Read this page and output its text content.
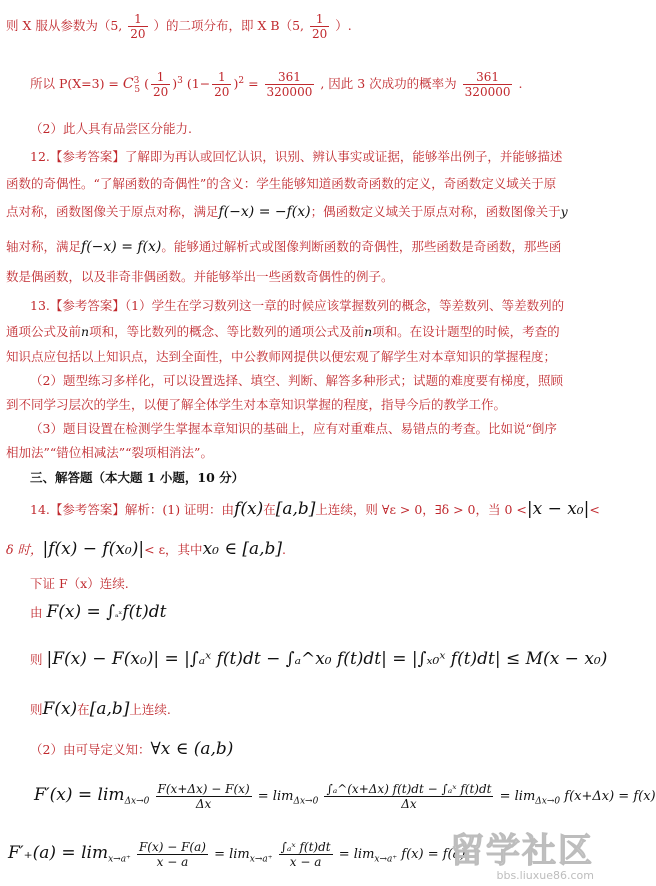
则 X 服从参数为（5, $\frac{1}{20}$ ）的二项分布，即 X B（5, $\frac{1}{20}$ ）.
所以 $P(X=3) = C^3_5$ ( $\frac{1}{20} )^3$ $(1- \frac{1}{20} )^2 = \frac{361}{320000}$ , 因此 3 次成功的概率为 $\frac{361}{320000}$ .
（2）此人具有品尝区分能力.
12.【参考答案】了解即为再认或回忆认识，识别、辨认事实或证据，能够举出例子，并能够描述
函数的奇偶性。“了解函数的奇偶性”的含义：学生能够知道函数奇函数的定义，奇函数定义域关于原
点对称，函数图像关于原点对称，满足f(−x) = −f(x)；偶函数定义域关于原点对称，函数图像关于y
轴对称，满足f(−x) = f(x)。能够通过解析式或图像判断函数的奇偶性，那些函数是奇函数，那些函
数是偶函数，以及非奇非偶函数。并能够举出一些函数奇偶性的例子。
13.【参考答案】（1）学生在学习数列这一章的时候应该掌握数列的概念，等差数列、等差数列的
通项公式及前n项和，等比数列的概念、等比数列的通项公式及前n项和。在设计题型的时候，考查的
知识点应包括以上知识点，达到全面性，中公教师网提供以便宏观了解学生对本章知识的掌握程度；
（2）题型练习多样化，可以设置选择、填空、判断、解答多种形式；试题的难度要有梯度，照顾
到不同学习层次的学生，以便了解全体学生对本章知识掌握的程度，指导今后的教学工作。
（3）题目设置在检测学生掌握本章知识的基础上，应有对重难点、易错点的考查。比如说“倒序
相加法”“错位相减法”“裂项相消法”。
三、解答题（本大题 1 小题，10 分）
14.【参考答案】解析：(1) 证明：由f(x)在[a,b]上连续，则 ∀ε > 0，∃δ > 0，当 0 <|x − x₀|<
δ 时，|f(x) − f(x₀)|< ε，其中x₀ ∈ [a,b].
下证 F（x）连续.
由 F(x) = ∫ₐˣf(t)dt
则 |F(x) − F(x₀)| = |∫ₐˣ f(t)dt − ∫ₐ^x₀ f(t)dt| = |∫ₓ₀ˣ f(t)dt| ≤ M(x − x₀)
则F(x)在[a,b]上连续.
（2）由可导定义知：∀x ∈ (a,b)
$F'(x) = \lim_{\Delta x\to 0} \frac{F(x+\Delta x) - F(x)}{\Delta x} = \lim_{\Delta x\to 0} \frac{\text{∫ₐ\textasciicircum{}(x+Δx) f(t)dt − ∫ₐˣ f(t)dt}}{\Delta x} = \lim_{\Delta x\to 0} f(x+\Delta x) = f(x)$
$F'_+(a) = \lim_{x\to a^+} \frac{F(x) - F(a)}{x - a} = \lim_{x\to a^+} \frac{\text{∫ₐˣ f(t)dt}}{x - a} = \lim_{x\to a^+} f(x) = f(a)$
留学社区
bbs.liuxue86.com
